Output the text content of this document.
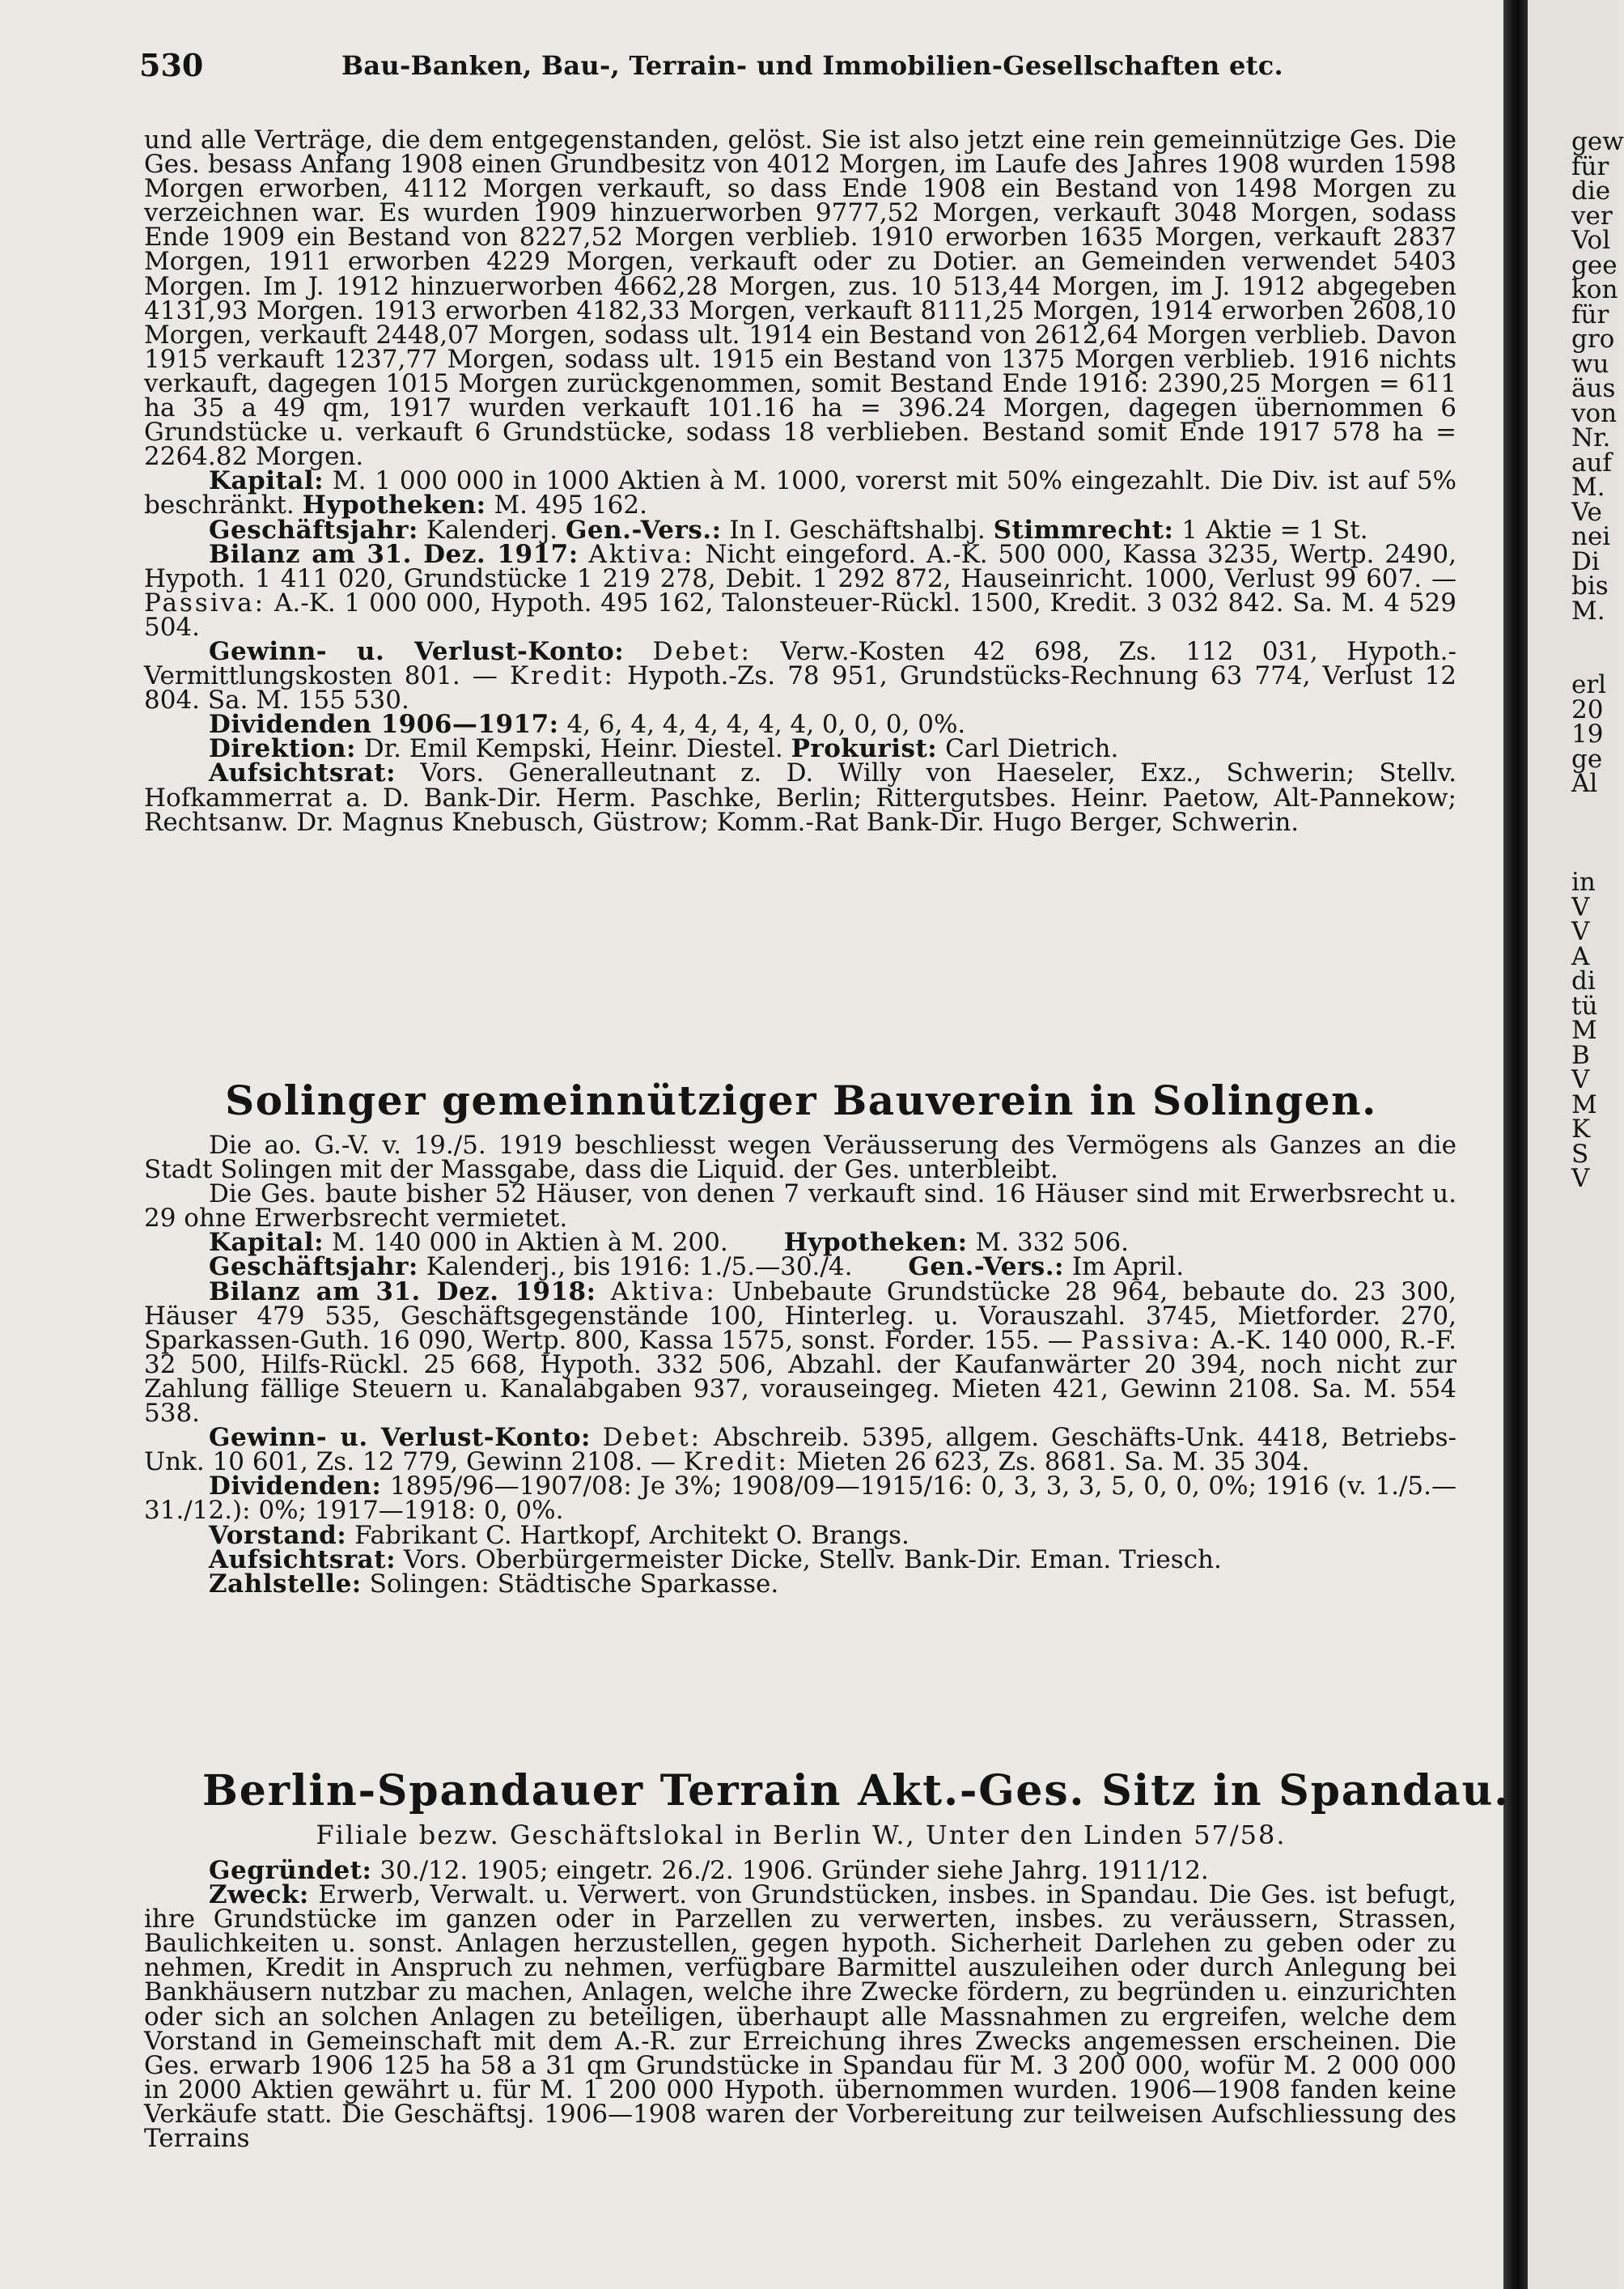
gew
für
die
ver
Vol
gee
kon
für
gro
wu
äus
von
Nr.
auf
M.
Ve
nei
Di
bis
M.
erl
20
19
ge
Al
in
V
V
A
di
tü
M
B
V
M
K
S
V
530	Bau-Banken, Bau-, Terrain- und Immobilien-Gesellschaften etc.

und alle Verträge, die dem entgegenstanden, gelöst. Sie ist also jetzt eine rein gemeinnützige Ges. Die Ges. besass Anfang 1908 einen Grundbesitz von 4012 Morgen, im Laufe des Jahres 1908 wurden 1598 Morgen erworben, 4112 Morgen verkauft, so dass Ende 1908 ein Bestand von 1498 Morgen zu verzeichnen war. Es wurden 1909 hinzuerworben 9777,52 Morgen, verkauft 3048 Morgen, sodass Ende 1909 ein Bestand von 8227,52 Morgen verblieb. 1910 erworben 1635 Morgen, verkauft 2837 Morgen, 1911 erworben 4229 Morgen, verkauft oder zu Dotier. an Gemeinden verwendet 5403 Morgen. Im J. 1912 hinzuerworben 4662,28 Morgen, zus. 10 513,44 Morgen, im J. 1912 abgegeben 4131,93 Morgen. 1913 erworben 4182,33 Morgen, verkauft 8111,25 Morgen, 1914 erworben 2608,10 Morgen, verkauft 2448,07 Morgen, sodass ult. 1914 ein Bestand von 2612,64 Morgen verblieb. Davon 1915 verkauft 1237,77 Morgen, sodass ult. 1915 ein Bestand von 1375 Morgen verblieb. 1916 nichts verkauft, dagegen 1015 Morgen zurückgenommen, somit Bestand Ende 1916: 2390,25 Morgen = 611 ha 35 a 49 qm, 1917 wurden verkauft 101.16 ha = 396.24 Morgen, dagegen übernommen 6 Grundstücke u. verkauft 6 Grundstücke, sodass 18 verblieben. Bestand somit Ende 1917 578 ha = 2264.82 Morgen.

Kapital: M. 1 000 000 in 1000 Aktien à M. 1000, vorerst mit 50% eingezahlt. Die Div. ist auf 5% beschränkt. Hypotheken: M. 495 162.

Geschäftsjahr: Kalenderj. Gen.-Vers.: In I. Geschäftshalbj. Stimmrecht: 1 Aktie = 1 St.

Bilanz am 31. Dez. 1917: Aktiva: Nicht eingeford. A.-K. 500 000, Kassa 3235, Wertp. 2490, Hypoth. 1 411 020, Grundstücke 1 219 278, Debit. 1 292 872, Hauseinricht. 1000, Verlust 99 607. — Passiva: A.-K. 1 000 000, Hypoth. 495 162, Talonsteuer-Rückl. 1500, Kredit. 3 032 842. Sa. M. 4 529 504.

Gewinn- u. Verlust-Konto: Debet: Verw.-Kosten 42 698, Zs. 112 031, Hypoth.-Vermittlungskosten 801. — Kredit: Hypoth.-Zs. 78 951, Grundstücks-Rechnung 63 774, Verlust 12 804. Sa. M. 155 530.

Dividenden 1906—1917: 4, 6, 4, 4, 4, 4, 4, 4, 0, 0, 0, 0%.

Direktion: Dr. Emil Kempski, Heinr. Diestel. Prokurist: Carl Dietrich.

Aufsichtsrat: Vors. Generalleutnant z. D. Willy von Haeseler, Exz., Schwerin; Stellv. Hofkammerrat a. D. Bank-Dir. Herm. Paschke, Berlin; Rittergutsbes. Heinr. Paetow, Alt-Pannekow; Rechtsanw. Dr. Magnus Knebusch, Güstrow; Komm.-Rat Bank-Dir. Hugo Berger, Schwerin.

Solinger gemeinnütziger Bauverein in Solingen.

Die ao. G.-V. v. 19./5. 1919 beschliesst wegen Veräusserung des Vermögens als Ganzes an die Stadt Solingen mit der Massgabe, dass die Liquid. der Ges. unterbleibt.

Die Ges. baute bisher 52 Häuser, von denen 7 verkauft sind. 16 Häuser sind mit Erwerbsrecht u. 29 ohne Erwerbsrecht vermietet.

Kapital: M. 140 000 in Aktien à M. 200. Hypotheken: M. 332 506.

Geschäftsjahr: Kalenderj., bis 1916: 1./5.—30./4. Gen.-Vers.: Im April.

Bilanz am 31. Dez. 1918: Aktiva: Unbebaute Grundstücke 28 964, bebaute do. 23 300, Häuser 479 535, Geschäftsgegenstände 100, Hinterleg. u. Vorauszahl. 3745, Mietforder. 270, Sparkassen-Guth. 16 090, Wertp. 800, Kassa 1575, sonst. Forder. 155. — Passiva: A.-K. 140 000, R.-F. 32 500, Hilfs-Rückl. 25 668, Hypoth. 332 506, Abzahl. der Kaufanwärter 20 394, noch nicht zur Zahlung fällige Steuern u. Kanalabgaben 937, vorauseingeg. Mieten 421, Gewinn 2108. Sa. M. 554 538.

Gewinn- u. Verlust-Konto: Debet: Abschreib. 5395, allgem. Geschäfts-Unk. 4418, Betriebs-Unk. 10 601, Zs. 12 779, Gewinn 2108. — Kredit: Mieten 26 623, Zs. 8681. Sa. M. 35 304.

Dividenden: 1895/96—1907/08: Je 3%; 1908/09—1915/16: 0, 3, 3, 3, 5, 0, 0, 0%; 1916 (v. 1./5.—31./12.): 0%; 1917—1918: 0, 0%.

Vorstand: Fabrikant C. Hartkopf, Architekt O. Brangs.

Aufsichtsrat: Vors. Oberbürgermeister Dicke, Stellv. Bank-Dir. Eman. Triesch.

Zahlstelle: Solingen: Städtische Sparkasse.

Berlin-Spandauer Terrain Akt.-Ges. Sitz in Spandau.
Filiale bezw. Geschäftslokal in Berlin W., Unter den Linden 57/58.

Gegründet: 30./12. 1905; eingetr. 26./2. 1906. Gründer siehe Jahrg. 1911/12.

Zweck: Erwerb, Verwalt. u. Verwert. von Grundstücken, insbes. in Spandau. Die Ges. ist befugt, ihre Grundstücke im ganzen oder in Parzellen zu verwerten, insbes. zu veräussern, Strassen, Baulichkeiten u. sonst. Anlagen herzustellen, gegen hypoth. Sicherheit Darlehen zu geben oder zu nehmen, Kredit in Anspruch zu nehmen, verfügbare Barmittel auszuleihen oder durch Anlegung bei Bankhäusern nutzbar zu machen, Anlagen, welche ihre Zwecke fördern, zu begründen u. einzurichten oder sich an solchen Anlagen zu beteiligen, überhaupt alle Massnahmen zu ergreifen, welche dem Vorstand in Gemeinschaft mit dem A.-R. zur Erreichung ihres Zwecks angemessen erscheinen. Die Ges. erwarb 1906 125 ha 58 a 31 qm Grundstücke in Spandau für M. 3 200 000, wofür M. 2 000 000 in 2000 Aktien gewährt u. für M. 1 200 000 Hypoth. übernommen wurden. 1906—1908 fanden keine Verkäufe statt. Die Geschäftsj. 1906—1908 waren der Vorbereitung zur teilweisen Aufschliessung des Terrains
